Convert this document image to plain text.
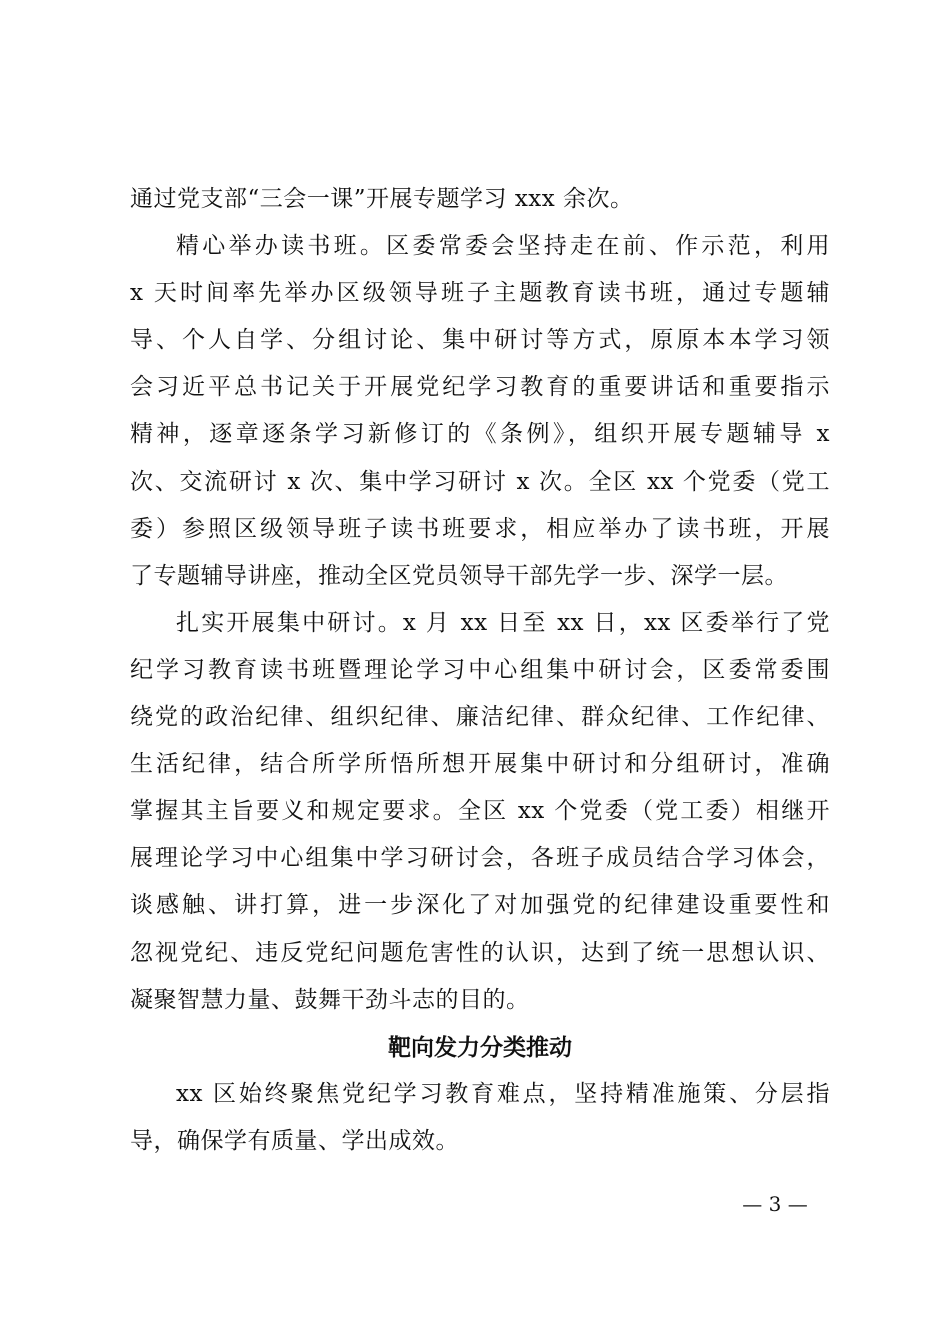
通过党支部“三会一课”开展专题学习 xxx 余次。
精心举办读书班。区委常委会坚持走在前、作示范，利用
x 天时间率先举办区级领导班子主题教育读书班，通过专题辅
导、个人自学、分组讨论、集中研讨等方式，原原本本学习领
会习近平总书记关于开展党纪学习教育的重要讲话和重要指示
精神，逐章逐条学习新修订的《条例》，组织开展专题辅导 x
次、交流研讨 x 次、集中学习研讨 x 次。全区 xx 个党委（党工
委）参照区级领导班子读书班要求，相应举办了读书班，开展
了专题辅导讲座，推动全区党员领导干部先学一步、深学一层。
扎实开展集中研讨。x 月 xx 日至 xx 日，xx 区委举行了党
纪学习教育读书班暨理论学习中心组集中研讨会，区委常委围
绕党的政治纪律、组织纪律、廉洁纪律、群众纪律、工作纪律、
生活纪律，结合所学所悟所想开展集中研讨和分组研讨，准确
掌握其主旨要义和规定要求。全区 xx 个党委（党工委）相继开
展理论学习中心组集中学习研讨会，各班子成员结合学习体会，
谈感触、讲打算，进一步深化了对加强党的纪律建设重要性和
忽视党纪、违反党纪问题危害性的认识，达到了统一思想认识、
凝聚智慧力量、鼓舞干劲斗志的目的。
靶向发力分类推动
xx 区始终聚焦党纪学习教育难点，坚持精准施策、分层指
导，确保学有质量、学出成效。
— 3 —
